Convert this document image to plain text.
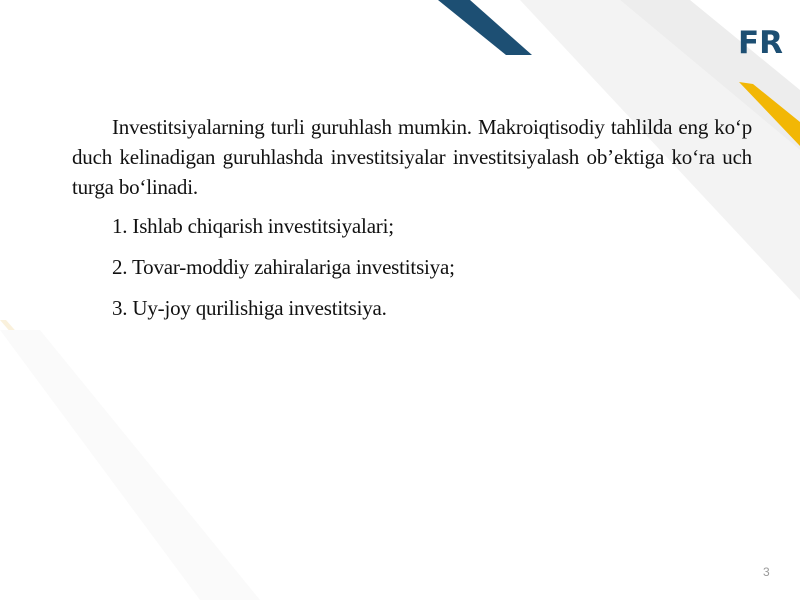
FR

Investitsiyalarning turli guruhlash mumkin. Makroiqtisodiy tahlilda eng ko‘p duch kelinadigan guruhlashda investitsiyalar investitsiyalash ob’ektiga ko‘ra uch turga bo‘linadi.

1. Ishlab chiqarish investitsiyalari;

2. Tovar-moddiy zahiralariga investitsiya;

3. Uy-joy qurilishiga investitsiya.

3
